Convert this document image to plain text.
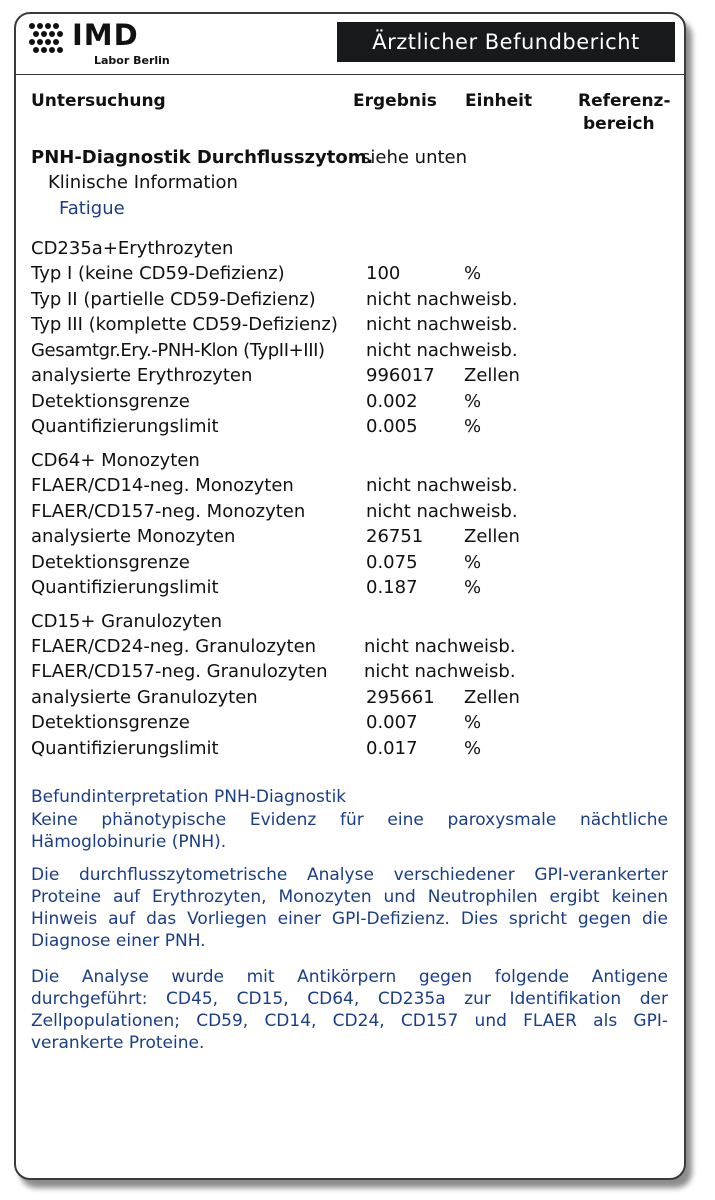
IMD
Labor Berlin
Ärztlicher Befundbericht
Untersuchung	Ergebnis Einheit	Referenz-
bereich
PNH-Diagnostik Durchflusszytom.
siehe unten
Klinische Information
Fatigue
CD235a+Erythrozyten
Typ I (keine CD59-Defizienz)	100	%
Typ II (partielle CD59-Defizienz)	nicht nachweisb.
Typ III (komplette CD59-Defizienz) nicht nachweisb.
Gesamtgr.Ery.-PNH-Klon (TypII+III) nicht nachweisb.
analysierte Erythrozyten	996017 Zellen
Detektionsgrenze	0.002	%
Quantifizierungslimit	0.005	%
CD64+ Monozyten
FLAER/CD14-neg. Monozyten	nicht nachweisb.
FLAER/CD157-neg. Monozyten	nicht nachweisb.
analysierte Monozyten	26751 Zellen
Detektionsgrenze	0.075	%
Quantifizierungslimit	0.187	%
CD15+ Granulozyten
FLAER/CD24-neg. Granulozyten	nicht nachweisb.
FLAER/CD157-neg. Granulozyten nicht nachweisb.
analysierte Granulozyten	295661 Zellen
Detektionsgrenze	0.007	%
Quantifizierungslimit	0.017	%
Befundinterpretation PNH-Diagnostik
Keine phänotypische Evidenz für eine paroxysmale nächtliche Hämoglobinurie (PNH).
Die durchflusszytometrische Analyse verschiedener GPI-verankerter Proteine auf Erythrozyten, Monozyten und Neutrophilen ergibt keinen Hinweis auf das Vorliegen einer GPI-Defizienz. Dies spricht gegen die Diagnose einer PNH.
Die Analyse wurde mit Antikörpern gegen folgende Antigene durchgeführt: CD45, CD15, CD64, CD235a zur Identifikation der Zellpopulationen; CD59, CD14, CD24, CD157 und FLAER als GPI-verankerte Proteine.
